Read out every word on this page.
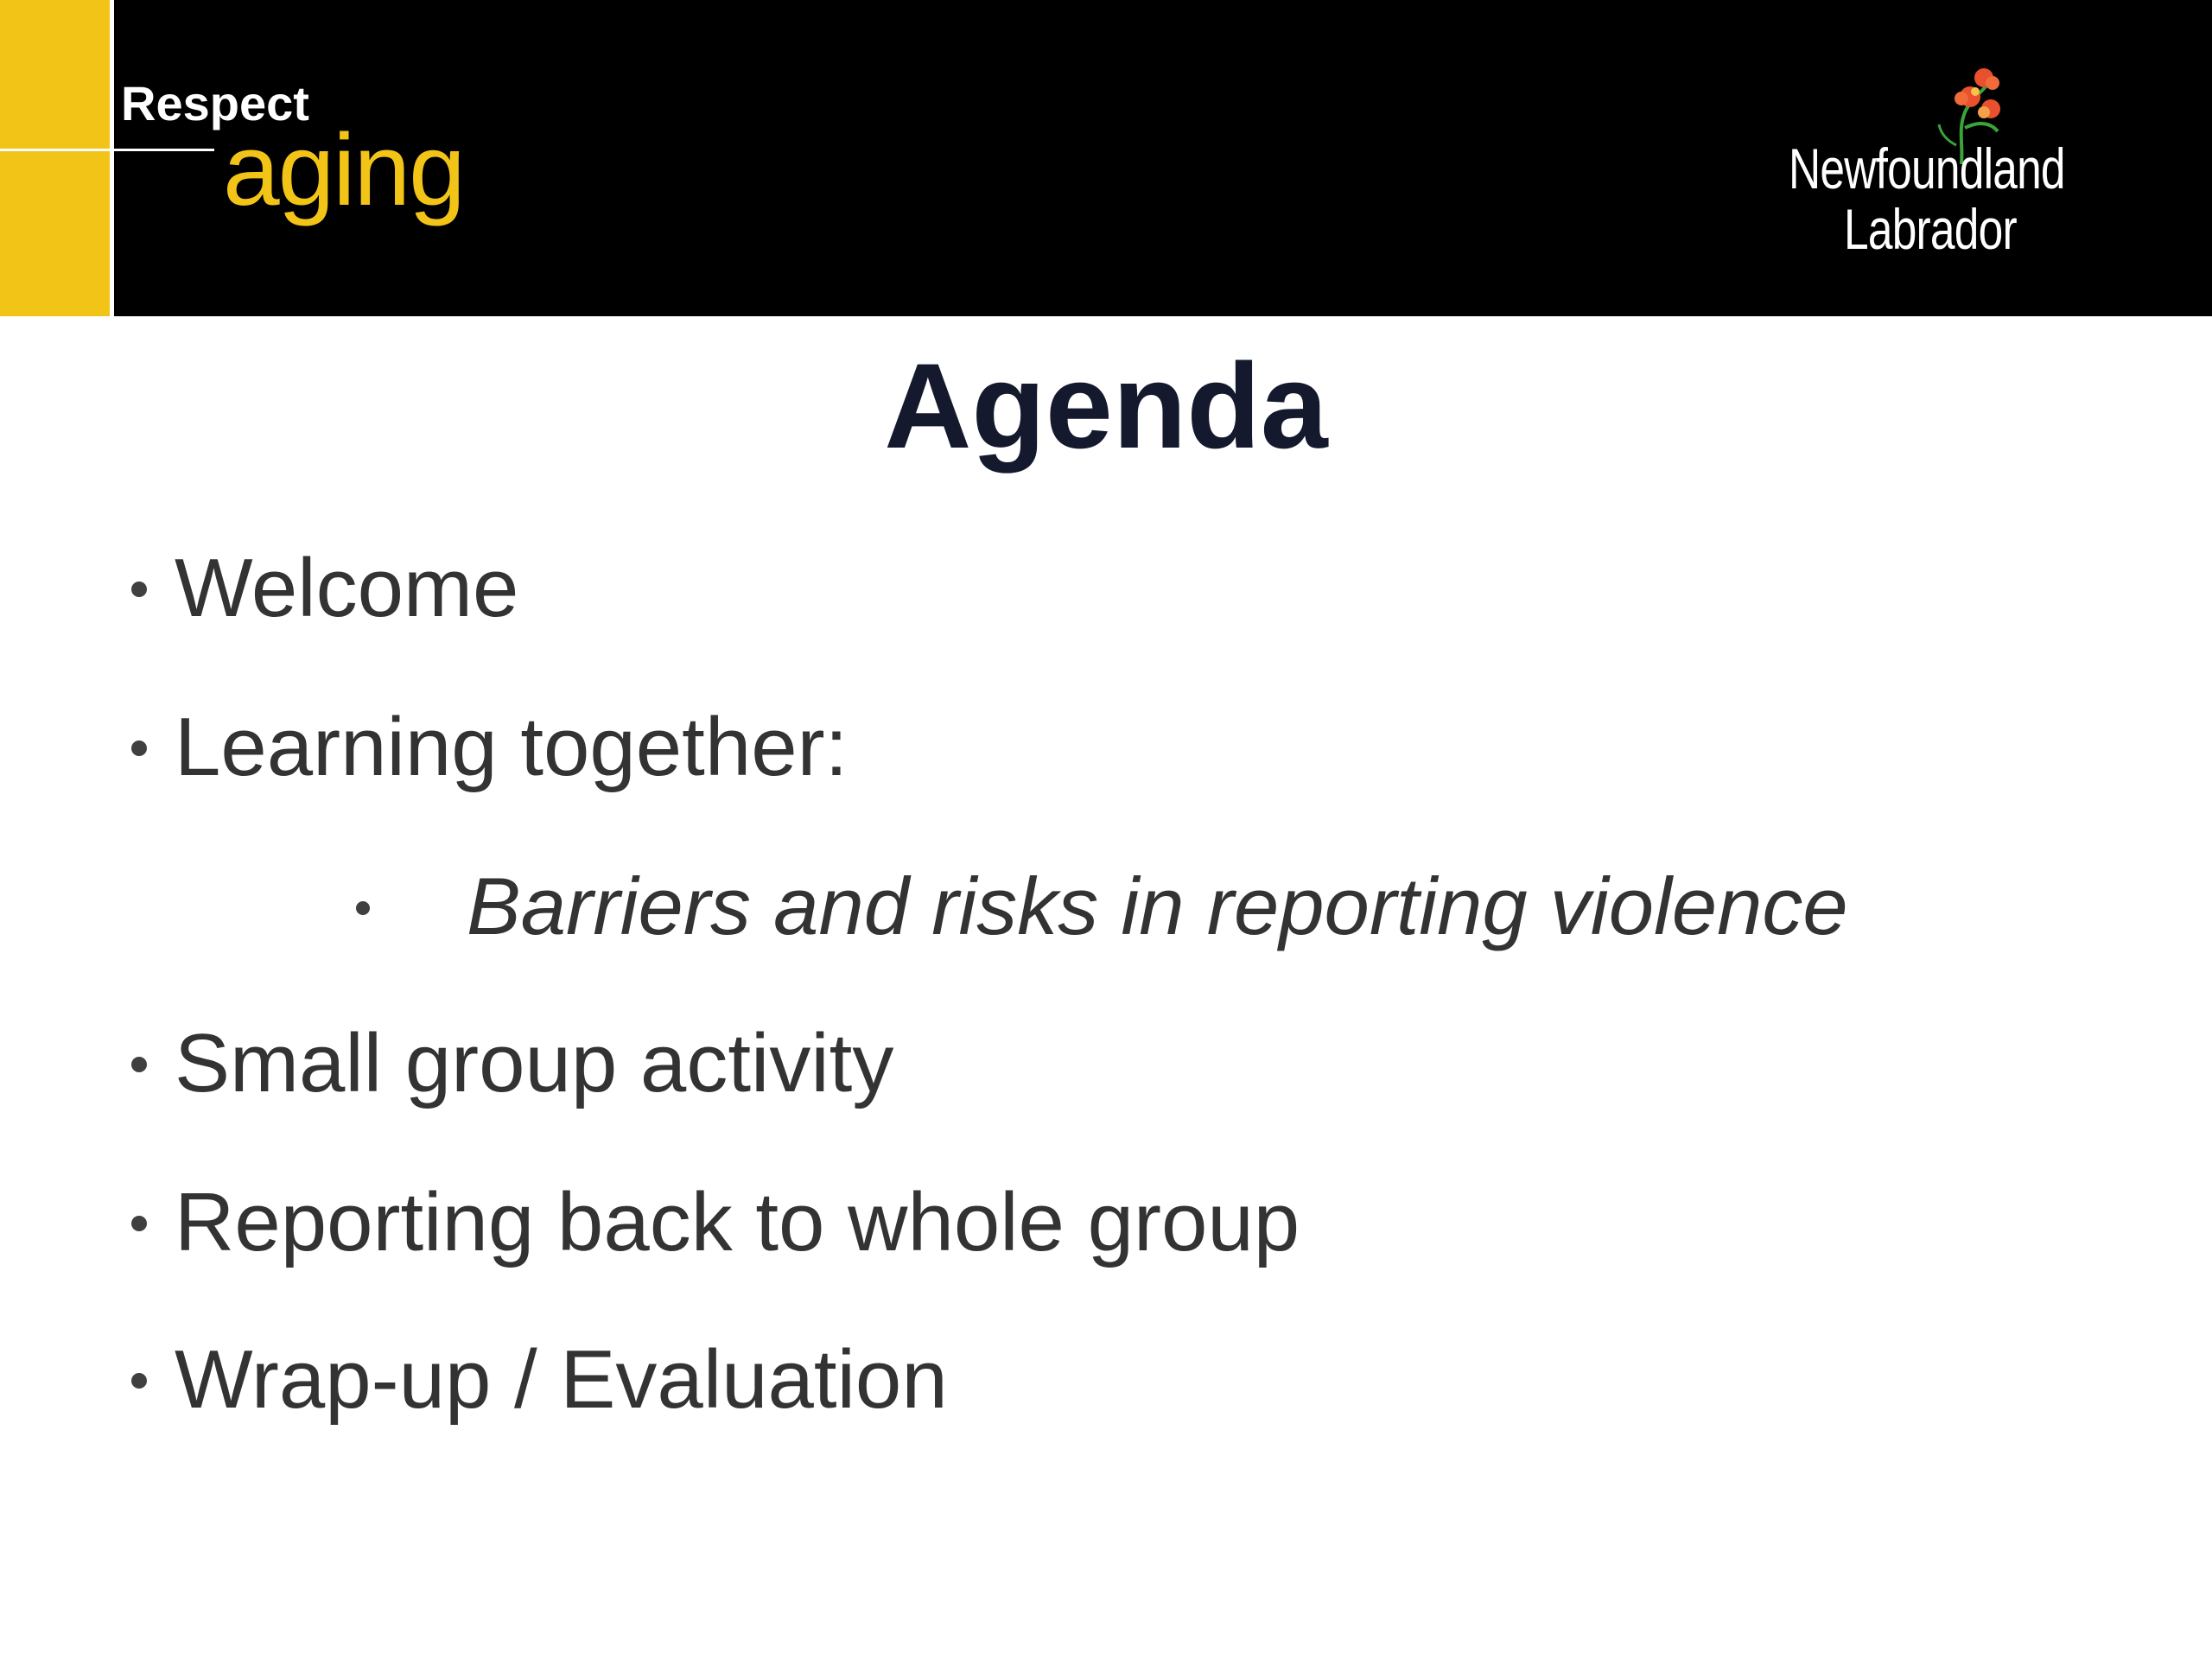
Respect
aging	Newfoundland
Labrador
Agenda
Welcome
Learning together:
Barriers and risks in reporting violence
Small group activity
Reporting back to whole group
Wrap-up / Evaluation
